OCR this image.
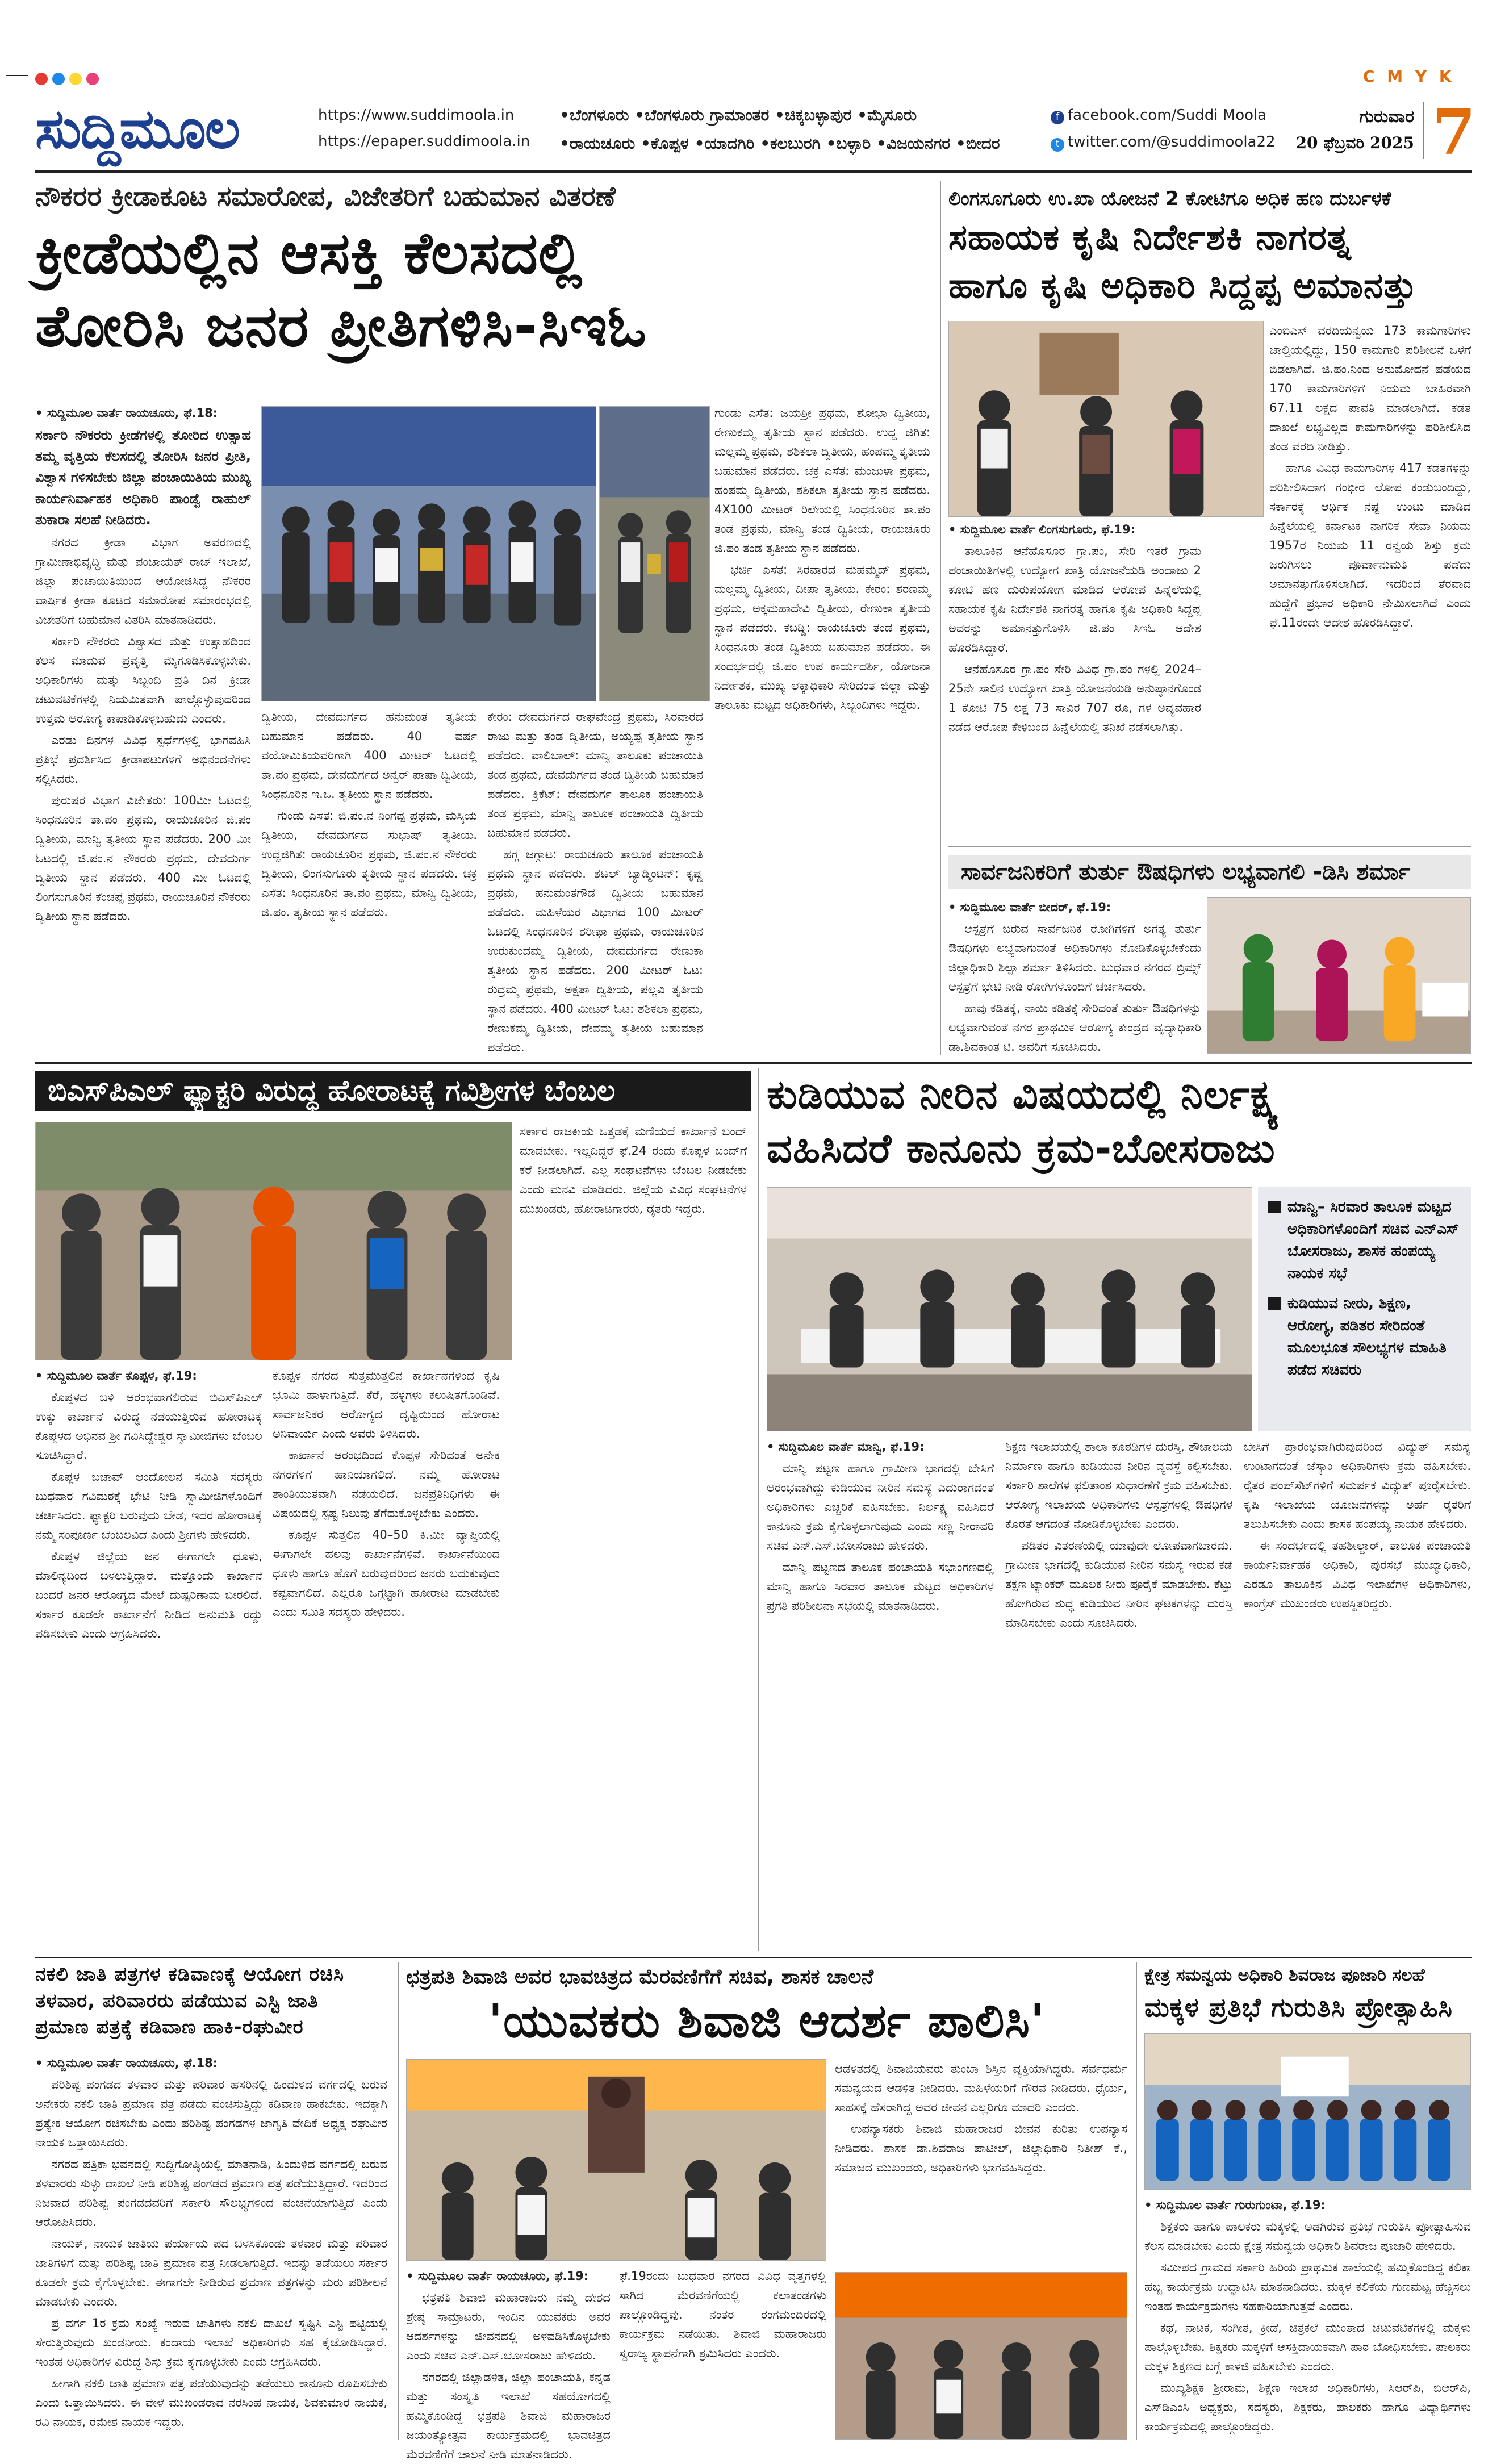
C M Y K
ಸುದ್ದಿಮೂಲ	https://www.suddimoola.in
https://epaper.suddimoola.in
•ಬೆಂಗಳೂರು •ಬೆಂಗಳೂರು ಗ್ರಾಮಾಂತರ •ಚಿಕ್ಕಬಳ್ಳಾಪುರ •ಮೈಸೂರು
•ರಾಯಚೂರು •ಕೊಪ್ಪಳ •ಯಾದಗಿರಿ •ಕಲಬುರಗಿ •ಬಳ್ಳಾರಿ •ವಿಜಯನಗರ •ಬೀದರ
f facebook.com/Suddi Moola
t twitter.com/@suddimoola22
ಗುರುವಾರ
20 ಫೆಬ್ರವರಿ 2025 7
ನೌಕರರ ಕ್ರೀಡಾಕೂಟ ಸಮಾರೋಪ, ವಿಜೇತರಿಗೆ ಬಹುಮಾನ ವಿತರಣೆ
ಕ್ರೀಡೆಯಲ್ಲಿನ ಆಸಕ್ತಿ ಕೆಲಸದಲ್ಲಿ
ತೋರಿಸಿ ಜನರ ಪ್ರೀತಿಗಳಿಸಿ-ಸಿಇಓ

• ಸುದ್ದಿಮೂಲ ವಾರ್ತೆ ರಾಯಚೂರು, ಫೆ.18:

ಸರ್ಕಾರಿ ನೌಕರರು ಕ್ರೀಡೆಗಳಲ್ಲಿ ತೋರಿದ ಉತ್ಸಾಹ ತಮ್ಮ ವೃತ್ತಿಯ ಕೆಲಸದಲ್ಲಿ ತೋರಿಸಿ ಜನರ ಪ್ರೀತಿ, ವಿಶ್ವಾಸ ಗಳಿಸಬೇಕು ಜಿಲ್ಲಾ ಪಂಚಾಯಿತಿಯ ಮುಖ್ಯ ಕಾರ್ಯನಿರ್ವಾಹಕ ಅಧಿಕಾರಿ ಪಾಂಡ್ವೆ ರಾಹುಲ್ ತುಕಾರಾ ಸಲಹೆ ನೀಡಿದರು.

ನಗರದ ಕ್ರೀಡಾ ವಿಭಾಗ ಅವರಣದಲ್ಲಿ ಗ್ರಾಮೀಣಾಭಿವೃದ್ಧಿ ಮತ್ತು ಪಂಚಾಯತ್ ರಾಜ್ ಇಲಾಖೆ, ಜಿಲ್ಲಾ ಪಂಚಾಯಿತಿಯಿಂದ ಆಯೋಜಿಸಿದ್ದ ನೌಕರರ ವಾರ್ಷಿಕ ಕ್ರೀಡಾ ಕೂಟದ ಸಮಾರೋಪ ಸಮಾರಂಭದಲ್ಲಿ ವಿಜೇತರಿಗೆ ಬಹುಮಾನ ವಿತರಿಸಿ ಮಾತನಾಡಿದರು.

ಸರ್ಕಾರಿ ನೌಕರರು ವಿಶ್ವಾಸದ ಮತ್ತು ಉತ್ಸಾಹದಿಂದ ಕೆಲಸ ಮಾಡುವ ಪ್ರವೃತ್ತಿ ಮೈಗೂಡಿಸಿಕೊಳ್ಳಬೇಕು. ಅಧಿಕಾರಿಗಳು ಮತ್ತು ಸಿಬ್ಬಂದಿ ಪ್ರತಿ ದಿನ ಕ್ರೀಡಾ ಚಟುವಟಿಕೆಗಳಲ್ಲಿ ನಿಯಮಿತವಾಗಿ ಪಾಲ್ಗೊಳ್ಳುವುದರಿಂದ ಉತ್ತಮ ಆರೋಗ್ಯ ಕಾಪಾಡಿಕೊಳ್ಳಬಹುದು ಎಂದರು.

ಎರಡು ದಿನಗಳ ವಿವಿಧ ಸ್ಪರ್ಧೆಗಳಲ್ಲಿ ಭಾಗವಹಿಸಿ ಪ್ರತಿಭೆ ಪ್ರದರ್ಶಿಸಿದ ಕ್ರೀಡಾಪಟುಗಳಿಗೆ ಅಭಿನಂದನೆಗಳು ಸಲ್ಲಿಸಿದರು.

ಪುರುಷರ ವಿಭಾಗ ವಿಜೇತರು: 100ಮೀ ಓಟದಲ್ಲಿ ಸಿಂಧನೂರಿನ ತಾ.ಪಂ ಪ್ರಥಮ, ರಾಯಚೂರಿನ ಜಿ.ಪಂ ದ್ವಿತೀಯ, ಮಾನ್ವಿ ತೃತೀಯ ಸ್ಥಾನ ಪಡೆದರು. 200 ಮೀ ಓಟದಲ್ಲಿ ಜಿ.ಪಂ.ನ ನೌಕರರು ಪ್ರಥಮ, ದೇವದುರ್ಗ ದ್ವಿತೀಯ ಸ್ಥಾನ ಪಡೆದರು. 400 ಮೀ ಓಟದಲ್ಲಿ ಲಿಂಗಸುಗೂರಿನ ಕೆಂಚಪ್ಪ ಪ್ರಥಮ, ರಾಯಚೂರಿನ ನೌಕರರು ದ್ವಿತೀಯ ಸ್ಥಾನ ಪಡೆದರು.

ದ್ವಿತೀಯ, ದೇವದುರ್ಗದ ಹನುಮಂತ ತೃತೀಯ ಬಹುಮಾನ ಪಡೆದರು. 40 ವರ್ಷ ವಯೋಮಿತಿಯವರಿಗಾಗಿ 400 ಮೀಟರ್ ಓಟದಲ್ಲಿ ತಾ.ಪಂ ಪ್ರಥಮ, ದೇವದುರ್ಗದ ಅನ್ವರ್‌ ಪಾಷಾ ದ್ವಿತೀಯ, ಸಿಂಧನೂರಿನ ಇ.ಒ. ತೃತೀಯ ಸ್ಥಾನ ಪಡೆದರು.

ಗುಂಡು ಎಸೆತ: ಜಿ.ಪಂ.ನ ನಿಂಗಪ್ಪ ಪ್ರಥಮ, ಮಸ್ಕಿಯ ದ್ವಿತೀಯ, ದೇವದುರ್ಗದ ಸುಭಾಷ್ ತೃತೀಯ. ಉದ್ದಜಿಗಿತ: ರಾಯಚೂರಿನ ಪ್ರಥಮ, ಜಿ.ಪಂ.ನ ನೌಕರರು ದ್ವಿತೀಯ, ಲಿಂಗಸುಗೂರು ತೃತೀಯ ಸ್ಥಾನ ಪಡೆದರು. ಚಕ್ರ ಎಸೆತ: ಸಿಂಧನೂರಿನ ತಾ.ಪಂ ಪ್ರಥಮ, ಮಾನ್ವಿ ದ್ವಿತೀಯ, ಜಿ.ಪಂ. ತೃತೀಯ ಸ್ಥಾನ ಪಡೆದರು.

ಕೇರಂ: ದೇವದುರ್ಗದ ರಾಘವೇಂದ್ರ ಪ್ರಥಮ, ಸಿರವಾರದ ರಾಜು ಮತ್ತು ತಂಡ ದ್ವಿತೀಯ, ಅಯ್ಯಪ್ಪ ತೃತೀಯ ಸ್ಥಾನ ಪಡೆದರು. ವಾಲಿಬಾಲ್: ಮಾನ್ವಿ ತಾಲೂಕು ಪಂಚಾಯಿತಿ ತಂಡ ಪ್ರಥಮ, ದೇವದುರ್ಗದ ತಂಡ ದ್ವಿತೀಯ ಬಹುಮಾನ ಪಡೆದರು. ಕ್ರಿಕೆಟ್: ದೇವದುರ್ಗ ತಾಲೂಕ ಪಂಚಾಯತಿ ತಂಡ ಪ್ರಥಮ, ಮಾನ್ವಿ ತಾಲೂಕ ಪಂಚಾಯತಿ ದ್ವಿತೀಯ ಬಹುಮಾನ ಪಡೆದರು.

ಹಗ್ಗ ಜಗ್ಗಾಟ: ರಾಯಚೂರು ತಾಲೂಕ ಪಂಚಾಯತಿ ಪ್ರಥಮ ಸ್ಥಾನ ಪಡೆದರು. ಶಟಲ್ ಬ್ಯಾಡ್ಮಿಂಟನ್: ಕೃಷ್ಣ ಪ್ರಥಮ, ಹನುಮಂತಗೌಡ ದ್ವಿತೀಯ ಬಹುಮಾನ ಪಡೆದರು. ಮಹಿಳೆಯರ ವಿಭಾಗದ 100 ಮೀಟರ್ ಓಟದಲ್ಲಿ ಸಿಂಧನೂರಿನ ಶರೀಫಾ ಪ್ರಥಮ, ರಾಯಚೂರಿನ ಉರುಕುಂದಮ್ಮ ದ್ವಿತೀಯ, ದೇವದುರ್ಗದ ರೇಣುಕಾ ತೃತೀಯ ಸ್ಥಾನ ಪಡೆದರು. 200 ಮೀಟರ್ ಓಟ: ರುದ್ರಮ್ಮ ಪ್ರಥಮ, ಅಕ್ಷತಾ ದ್ವಿತೀಯ, ಪಲ್ಲವಿ ತೃತೀಯ ಸ್ಥಾನ ಪಡೆದರು. 400 ಮೀಟರ್ ಓಟ: ಶಶಿಕಲಾ ಪ್ರಥಮ, ರೇಣುಕಮ್ಮ ದ್ವಿತೀಯ, ದೇವಮ್ಮ ತೃತೀಯ ಬಹುಮಾನ ಪಡೆದರು.

ಗುಂಡು ಎಸೆತ: ಜಯಶ್ರೀ ಪ್ರಥಮ, ಶೋಭಾ ದ್ವಿತೀಯ, ರೇಣುಕಮ್ಮ ತೃತೀಯ ಸ್ಥಾನ ಪಡೆದರು. ಉದ್ದ ಜಿಗಿತ: ಮಲ್ಲಮ್ಮ ಪ್ರಥಮ, ಶಶಿಕಲಾ ದ್ವಿತೀಯ, ಹಂಪಮ್ಮ ತೃತೀಯ ಬಹುಮಾನ ಪಡೆದರು. ಚಕ್ರ ಎಸೆತ: ಮಂಜುಳಾ ಪ್ರಥಮ, ಹಂಪಮ್ಮ ದ್ವಿತೀಯ, ಶಶಿಕಲಾ ತೃತೀಯ ಸ್ಥಾನ ಪಡೆದರು. 4X100 ಮೀಟರ್ ರಿಲೇಯಲ್ಲಿ ಸಿಂಧನೂರಿನ ತಾ.ಪಂ ತಂಡ ಪ್ರಥಮ, ಮಾನ್ವಿ ತಂಡ ದ್ವಿತೀಯ, ರಾಯಚೂರು ಜಿ.ಪಂ ತಂಡ ತೃತೀಯ ಸ್ಥಾನ ಪಡೆದರು.

ಭರ್ಚಿ ಎಸೆತ: ಸಿರವಾರದ ಮಹಮ್ಮದ್ ಪ್ರಥಮ, ಮಲ್ಲಮ್ಮ ದ್ವಿತೀಯ, ದೀಪಾ ತೃತೀಯ. ಕೇರಂ: ಶರಣಮ್ಮ ಪ್ರಥಮ, ಅಕ್ಕಮಹಾದೇವಿ ದ್ವಿತೀಯ, ರೇಣುಕಾ ತೃತೀಯ ಸ್ಥಾನ ಪಡೆದರು. ಕಬಡ್ಡಿ: ರಾಯಚೂರು ತಂಡ ಪ್ರಥಮ, ಸಿಂಧನೂರು ತಂಡ ದ್ವಿತೀಯ ಬಹುಮಾನ ಪಡೆದರು. ಈ ಸಂದರ್ಭದಲ್ಲಿ ಜಿ.ಪಂ ಉಪ ಕಾರ್ಯದರ್ಶಿ, ಯೋಜನಾ ನಿರ್ದೇಶಕ, ಮುಖ್ಯ ಲೆಕ್ಕಾಧಿಕಾರಿ ಸೇರಿದಂತೆ ಜಿಲ್ಲಾ ಮತ್ತು ತಾಲೂಕು ಮಟ್ಟದ ಅಧಿಕಾರಿಗಳು, ಸಿಬ್ಬಂದಿಗಳು ಇದ್ದರು.

ಲಿಂಗಸೂಗೂರು ಉ.ಖಾ ಯೋಜನೆ 2 ಕೋಟಿಗೂ ಅಧಿಕ ಹಣ ದುರ್ಬಳಕೆ
ಸಹಾಯಕ ಕೃಷಿ ನಿರ್ದೇಶಕಿ ನಾಗರತ್ನ
ಹಾಗೂ ಕೃಷಿ ಅಧಿಕಾರಿ ಸಿದ್ದಪ್ಪ ಅಮಾನತ್ತು

• ಸುದ್ದಿಮೂಲ ವಾರ್ತೆ ಲಿಂಗಸುಗೂರು, ಫೆ.19:

ತಾಲೂಕಿನ ಆನೆಹೊಸೂರ ಗ್ರಾ.ಪಂ, ಸೇರಿ ಇತರೆ ಗ್ರಾಮ ಪಂಚಾಯಿತಿಗಳಲ್ಲಿ ಉದ್ಯೋಗ ಖಾತ್ರಿ ಯೋಜನೆಯಡಿ ಅಂದಾಜು 2 ಕೋಟಿ ಹಣ ದುರುಪಯೋಗ ಮಾಡಿದ ಆರೋಪ ಹಿನ್ನೆಲೆಯಲ್ಲಿ ಸಹಾಯಕ ಕೃಷಿ ನಿರ್ದೇಶಕಿ ನಾಗರತ್ನ ಹಾಗೂ ಕೃಷಿ ಅಧಿಕಾರಿ ಸಿದ್ದಪ್ಪ ಅವರನ್ನು ಅಮಾನತ್ತುಗೊಳಿಸಿ ಜಿ.ಪಂ ಸಿಇಓ ಆದೇಶ ಹೊರಡಿಸಿದ್ದಾರೆ.

ಆನೆಹೊಸೂರ ಗ್ರಾ.ಪಂ ಸೇರಿ ವಿವಿಧ ಗ್ರಾ.ಪಂ ಗಳಲ್ಲಿ 2024–25ನೇ ಸಾಲಿನ ಉದ್ಯೋಗ ಖಾತ್ರಿ ಯೋಜನೆಯಡಿ ಅನುಷ್ಠಾನಗೊಂಡ 1 ಕೋಟಿ 75 ಲಕ್ಷ 73 ಸಾವಿರ 707 ರೂ, ಗಳ ಅವ್ಯವಹಾರ ನಡೆದ ಆರೋಪ ಕೇಳಿಬಂದ ಹಿನ್ನೆಲೆಯಲ್ಲಿ ತನಿಖೆ ನಡೆಸಲಾಗಿತ್ತು.

ಎಂಐಎಸ್ ವರದಿಯನ್ವಯ 173 ಕಾಮಗಾರಿಗಳು ಚಾಲ್ತಿಯಲ್ಲಿದ್ದು, 150 ಕಾಮಗಾರಿ ಪರಿಶೀಲನೆ ಒಳಗೆ ಬಿಡಲಾಗಿದೆ. ಜಿ.ಪಂ.ನಿಂದ ಅನುಮೋದನೆ ಪಡೆಯದ 170 ಕಾಮಗಾರಿಗಳಿಗೆ ನಿಯಮ ಬಾಹಿರವಾಗಿ 67.11 ಲಕ್ಷದ ಪಾವತಿ ಮಾಡಲಾಗಿದೆ. ಕಡತ ದಾಖಲೆ ಲಭ್ಯವಿಲ್ಲದ ಕಾಮಗಾರಿಗಳನ್ನು ಪರಿಶೀಲಿಸಿದ ತಂಡ ವರದಿ ನೀಡಿತ್ತು.

ಹಾಗೂ ವಿವಿಧ ಕಾಮಗಾರಿಗಳ 417 ಕಡತಗಳನ್ನು ಪರಿಶೀಲಿಸಿದಾಗ ಗಂಭೀರ ಲೋಪ ಕಂಡುಬಂದಿದ್ದು, ಸರ್ಕಾರಕ್ಕೆ ಆರ್ಥಿಕ ನಷ್ಟ ಉಂಟು ಮಾಡಿದ ಹಿನ್ನೆಲೆಯಲ್ಲಿ ಕರ್ನಾಟಕ ನಾಗರಿಕ ಸೇವಾ ನಿಯಮ 1957ರ ನಿಯಮ 11 ರನ್ವಯ ಶಿಸ್ತು ಕ್ರಮ ಜರುಗಿಸಲು ಪೂರ್ವಾನುಮತಿ ಪಡೆದು ಅಮಾನತ್ತುಗೊಳಿಸಲಾಗಿದೆ. ಇದರಿಂದ ತೆರವಾದ ಹುದ್ದೆಗೆ ಪ್ರಭಾರ ಅಧಿಕಾರಿ ನೇಮಿಸಲಾಗಿದೆ ಎಂದು ಫೆ.11ರಂದೇ ಆದೇಶ ಹೊರಡಿಸಿದ್ದಾರೆ.

ಸಾರ್ವಜನಿಕರಿಗೆ ತುರ್ತು ಔಷಧಿಗಳು ಲಭ್ಯವಾಗಲಿ -ಡಿಸಿ ಶರ್ಮಾ

• ಸುದ್ದಿಮೂಲ ವಾರ್ತೆ ಬೀದರ್, ಫೆ.19:

ಆಸ್ಪತ್ರೆಗೆ ಬರುವ ಸಾರ್ವಜನಿಕ ರೋಗಿಗಳಿಗೆ ಅಗತ್ಯ ತುರ್ತು ಔಷಧಿಗಳು ಲಭ್ಯವಾಗುವಂತೆ ಅಧಿಕಾರಿಗಳು ನೋಡಿಕೊಳ್ಳಬೇಕೆಂದು ಜಿಲ್ಲಾಧಿಕಾರಿ ಶಿಲ್ಪಾ ಶರ್ಮಾ ತಿಳಿಸಿದರು. ಬುಧವಾರ ನಗರದ ಬ್ರಿಮ್ಸ್ ಆಸ್ಪತ್ರೆಗೆ ಭೇಟಿ ನೀಡಿ ರೋಗಿಗಳೊಂದಿಗೆ ಚರ್ಚಿಸಿದರು.

ಹಾವು ಕಡಿತಕ್ಕೆ, ನಾಯಿ ಕಡಿತಕ್ಕೆ ಸೇರಿದಂತೆ ತುರ್ತು ಔಷಧಿಗಳನ್ನು ಲಭ್ಯವಾಗುವಂತೆ ನಗರ ಪ್ರಾಥಮಿಕ ಆರೋಗ್ಯ ಕೇಂದ್ರದ ವೈದ್ಯಾಧಿಕಾರಿ ಡಾ.ಶಿವಕಾಂತ ಟಿ. ಅವರಿಗೆ ಸೂಚಿಸಿದರು.

ಬಿಎಸ್‌ಪಿಎಲ್ ಫ್ಯಾಕ್ಟರಿ ವಿರುದ್ಧ ಹೋರಾಟಕ್ಕೆ ಗವಿಶ್ರೀಗಳ ಬೆಂಬಲ

• ಸುದ್ದಿಮೂಲ ವಾರ್ತೆ ಕೊಪ್ಪಳ, ಫೆ.19:

ಕೊಪ್ಪಳದ ಬಳಿ ಆರಂಭವಾಗಲಿರುವ ಬಿಎಸ್‌ಪಿಎಲ್ ಉಕ್ಕು ಕಾರ್ಖಾನೆ ವಿರುದ್ಧ ನಡೆಯುತ್ತಿರುವ ಹೋರಾಟಕ್ಕೆ ಕೊಪ್ಪಳದ ಅಭಿನವ ಶ್ರೀ ಗವಿಸಿದ್ದೇಶ್ವರ ಸ್ವಾಮೀಜಿಗಳು ಬೆಂಬಲ ಸೂಚಿಸಿದ್ದಾರೆ.

ಕೊಪ್ಪಳ ಬಚಾವ್ ಆಂದೋಲನ ಸಮಿತಿ ಸದಸ್ಯರು ಬುಧವಾರ ಗವಿಮಠಕ್ಕೆ ಭೇಟಿ ನೀಡಿ ಸ್ವಾಮೀಜಿಗಳೊಂದಿಗೆ ಚರ್ಚಿಸಿದರು. ಫ್ಯಾಕ್ಟರಿ ಬರುವುದು ಬೇಡ, ಇದರ ಹೋರಾಟಕ್ಕೆ ನಮ್ಮ ಸಂಪೂರ್ಣ ಬೆಂಬಲವಿದೆ ಎಂದು ಶ್ರೀಗಳು ಹೇಳಿದರು.

ಕೊಪ್ಪಳ ಜಿಲ್ಲೆಯ ಜನ ಈಗಾಗಲೇ ಧೂಳು, ಮಾಲಿನ್ಯದಿಂದ ಬಳಲುತ್ತಿದ್ದಾರೆ. ಮತ್ತೊಂದು ಕಾರ್ಖಾನೆ ಬಂದರೆ ಜನರ ಆರೋಗ್ಯದ ಮೇಲೆ ದುಷ್ಪರಿಣಾಮ ಬೀರಲಿದೆ. ಸರ್ಕಾರ ಕೂಡಲೇ ಕಾರ್ಖಾನೆಗೆ ನೀಡಿದ ಅನುಮತಿ ರದ್ದು ಪಡಿಸಬೇಕು ಎಂದು ಆಗ್ರಹಿಸಿದರು.

ಕೊಪ್ಪಳ ನಗರದ ಸುತ್ತಮುತ್ತಲಿನ ಕಾರ್ಖಾನೆಗಳಿಂದ ಕೃಷಿ ಭೂಮಿ ಹಾಳಾಗುತ್ತಿದೆ. ಕೆರೆ, ಹಳ್ಳಗಳು ಕಲುಷಿತಗೊಂಡಿವೆ. ಸಾರ್ವಜನಿಕರ ಆರೋಗ್ಯದ ದೃಷ್ಟಿಯಿಂದ ಹೋರಾಟ ಅನಿವಾರ್ಯ ಎಂದು ಅವರು ತಿಳಿಸಿದರು.

ಕಾರ್ಖಾನೆ ಆರಂಭದಿಂದ ಕೊಪ್ಪಳ ಸೇರಿದಂತೆ ಅನೇಕ ನಗರಗಳಿಗೆ ಹಾನಿಯಾಗಲಿದೆ. ನಮ್ಮ ಹೋರಾಟ ಶಾಂತಿಯುತವಾಗಿ ನಡೆಯಲಿದೆ. ಜನಪ್ರತಿನಿಧಿಗಳು ಈ ವಿಷಯದಲ್ಲಿ ಸ್ಪಷ್ಟ ನಿಲುವು ತೆಗೆದುಕೊಳ್ಳಬೇಕು ಎಂದರು.

ಕೊಪ್ಪಳ ಸುತ್ತಲಿನ 40–50 ಕಿ.ಮೀ ವ್ಯಾಪ್ತಿಯಲ್ಲಿ ಈಗಾಗಲೇ ಹಲವು ಕಾರ್ಖಾನೆಗಳಿವೆ. ಕಾರ್ಖಾನೆಯಿಂದ ಧೂಳು ಹಾಗೂ ಹೊಗೆ ಬರುವುದರಿಂದ ಜನರು ಬದುಕುವುದು ಕಷ್ಟವಾಗಲಿದೆ. ಎಲ್ಲರೂ ಒಗ್ಗಟ್ಟಾಗಿ ಹೋರಾಟ ಮಾಡಬೇಕು ಎಂದು ಸಮಿತಿ ಸದಸ್ಯರು ಹೇಳಿದರು.

ಸರ್ಕಾರ ರಾಜಕೀಯ ಒತ್ತಡಕ್ಕೆ ಮಣಿಯದೆ ಕಾರ್ಖಾನೆ ಬಂದ್ ಮಾಡಬೇಕು. ಇಲ್ಲದಿದ್ದರೆ ಫೆ.24 ರಂದು ಕೊಪ್ಪಳ ಬಂದ್‌ಗೆ ಕರೆ ನೀಡಲಾಗಿದೆ. ಎಲ್ಲ ಸಂಘಟನೆಗಳು ಬೆಂಬಲ ನೀಡಬೇಕು ಎಂದು ಮನವಿ ಮಾಡಿದರು. ಜಿಲ್ಲೆಯ ವಿವಿಧ ಸಂಘಟನೆಗಳ ಮುಖಂಡರು, ಹೋರಾಟಗಾರರು, ರೈತರು ಇದ್ದರು.

ಕುಡಿಯುವ ನೀರಿನ ವಿಷಯದಲ್ಲಿ ನಿರ್ಲಕ್ಷ್ಯ
ವಹಿಸಿದರೆ ಕಾನೂನು ಕ್ರಮ-ಬೋಸರಾಜು
ಮಾನ್ವಿ– ಸಿರವಾರ ತಾಲೂಕ ಮಟ್ಟದ ಅಧಿಕಾರಿಗಳೊಂದಿಗೆ ಸಚಿವ ಎನ್‌ಎಸ್ ಬೋಸರಾಜು, ಶಾಸಕ ಹಂಪಯ್ಯ ನಾಯಕ ಸಭೆ
ಕುಡಿಯುವ ನೀರು, ಶಿಕ್ಷಣ, ಆರೋಗ್ಯ, ಪಡಿತರ ಸೇರಿದಂತೆ ಮೂಲಭೂತ ಸೌಲಭ್ಯಗಳ ಮಾಹಿತಿ ಪಡೆದ ಸಚಿವರು

• ಸುದ್ದಿಮೂಲ ವಾರ್ತೆ ಮಾನ್ವಿ, ಫೆ.19:

ಮಾನ್ವಿ ಪಟ್ಟಣ ಹಾಗೂ ಗ್ರಾಮೀಣ ಭಾಗದಲ್ಲಿ ಬೇಸಿಗೆ ಆರಂಭವಾಗಿದ್ದು ಕುಡಿಯುವ ನೀರಿನ ಸಮಸ್ಯೆ ಎದುರಾಗದಂತೆ ಅಧಿಕಾರಿಗಳು ಎಚ್ಚರಿಕೆ ವಹಿಸಬೇಕು. ನಿರ್ಲಕ್ಷ್ಯ ವಹಿಸಿದರೆ ಕಾನೂನು ಕ್ರಮ ಕೈಗೊಳ್ಳಲಾಗುವುದು ಎಂದು ಸಣ್ಣ ನೀರಾವರಿ ಸಚಿವ ಎನ್.ಎಸ್.ಬೋಸರಾಜು ಹೇಳಿದರು.

ಮಾನ್ವಿ ಪಟ್ಟಣದ ತಾಲೂಕ ಪಂಚಾಯತಿ ಸಭಾಂಗಣದಲ್ಲಿ ಮಾನ್ವಿ ಹಾಗೂ ಸಿರವಾರ ತಾಲೂಕ ಮಟ್ಟದ ಅಧಿಕಾರಿಗಳ ಪ್ರಗತಿ ಪರಿಶೀಲನಾ ಸಭೆಯಲ್ಲಿ ಮಾತನಾಡಿದರು.

ಶಿಕ್ಷಣ ಇಲಾಖೆಯಲ್ಲಿ ಶಾಲಾ ಕೊಠಡಿಗಳ ದುರಸ್ತಿ, ಶೌಚಾಲಯ ನಿರ್ಮಾಣ ಹಾಗೂ ಕುಡಿಯುವ ನೀರಿನ ವ್ಯವಸ್ಥೆ ಕಲ್ಪಿಸಬೇಕು. ಸರ್ಕಾರಿ ಶಾಲೆಗಳ ಫಲಿತಾಂಶ ಸುಧಾರಣೆಗೆ ಕ್ರಮ ವಹಿಸಬೇಕು. ಆರೋಗ್ಯ ಇಲಾಖೆಯ ಅಧಿಕಾರಿಗಳು ಆಸ್ಪತ್ರೆಗಳಲ್ಲಿ ಔಷಧಿಗಳ ಕೊರತೆ ಆಗದಂತೆ ನೋಡಿಕೊಳ್ಳಬೇಕು ಎಂದರು.

ಪಡಿತರ ವಿತರಣೆಯಲ್ಲಿ ಯಾವುದೇ ಲೋಪವಾಗಬಾರದು. ಗ್ರಾಮೀಣ ಭಾಗದಲ್ಲಿ ಕುಡಿಯುವ ನೀರಿನ ಸಮಸ್ಯೆ ಇರುವ ಕಡೆ ತಕ್ಷಣ ಟ್ಯಾಂಕರ್ ಮೂಲಕ ನೀರು ಪೂರೈಕೆ ಮಾಡಬೇಕು. ಕೆಟ್ಟು ಹೋಗಿರುವ ಶುದ್ಧ ಕುಡಿಯುವ ನೀರಿನ ಘಟಕಗಳನ್ನು ದುರಸ್ತಿ ಮಾಡಿಸಬೇಕು ಎಂದು ಸೂಚಿಸಿದರು.

ಬೇಸಿಗೆ ಪ್ರಾರಂಭವಾಗಿರುವುದರಿಂದ ವಿದ್ಯುತ್ ಸಮಸ್ಯೆ ಉಂಟಾಗದಂತೆ ಜೆಸ್ಕಾಂ ಅಧಿಕಾರಿಗಳು ಕ್ರಮ ವಹಿಸಬೇಕು. ರೈತರ ಪಂಪ್‌ಸೆಟ್‌ಗಳಿಗೆ ಸಮರ್ಪಕ ವಿದ್ಯುತ್ ಪೂರೈಸಬೇಕು. ಕೃಷಿ ಇಲಾಖೆಯ ಯೋಜನೆಗಳನ್ನು ಅರ್ಹ ರೈತರಿಗೆ ತಲುಪಿಸಬೇಕು ಎಂದು ಶಾಸಕ ಹಂಪಯ್ಯ ನಾಯಕ ಹೇಳಿದರು.

ಈ ಸಂದರ್ಭದಲ್ಲಿ ತಹಶೀಲ್ದಾರ್, ತಾಲೂಕ ಪಂಚಾಯತಿ ಕಾರ್ಯನಿರ್ವಾಹಕ ಅಧಿಕಾರಿ, ಪುರಸಭೆ ಮುಖ್ಯಾಧಿಕಾರಿ, ಎರಡೂ ತಾಲೂಕಿನ ವಿವಿಧ ಇಲಾಖೆಗಳ ಅಧಿಕಾರಿಗಳು, ಕಾಂಗ್ರೆಸ್ ಮುಖಂಡರು ಉಪಸ್ಥಿತರಿದ್ದರು.

ನಕಲಿ ಜಾತಿ ಪತ್ರಗಳ ಕಡಿವಾಣಕ್ಕೆ ಆಯೋಗ ರಚಿಸಿ
ತಳವಾರ, ಪರಿವಾರರು ಪಡೆಯುವ ಎಸ್ಟಿ ಜಾತಿ
ಪ್ರಮಾಣ ಪತ್ರಕ್ಕೆ ಕಡಿವಾಣ ಹಾಕಿ-ರಘುವೀರ

• ಸುದ್ದಿಮೂಲ ವಾರ್ತೆ ರಾಯಚೂರು, ಫೆ.18:

ಪರಿಶಿಷ್ಟ ಪಂಗಡದ ತಳವಾರ ಮತ್ತು ಪರಿವಾರ ಹೆಸರಿನಲ್ಲಿ ಹಿಂದುಳಿದ ವರ್ಗದಲ್ಲಿ ಬರುವ ಅನೇಕರು ನಕಲಿ ಜಾತಿ ಪ್ರಮಾಣ ಪತ್ರ ಪಡೆದು ವಂಚಿಸುತ್ತಿದ್ದು ಕಡಿವಾಣ ಹಾಕಬೇಕು. ಇದಕ್ಕಾಗಿ ಪ್ರತ್ಯೇಕ ಆಯೋಗ ರಚಿಸಬೇಕು ಎಂದು ಪರಿಶಿಷ್ಟ ಪಂಗಡಗಳ ಜಾಗೃತಿ ವೇದಿಕೆ ಅಧ್ಯಕ್ಷ ರಘುವೀರ ನಾಯಕ ಒತ್ತಾಯಿಸಿದರು.

ನಗರದ ಪತ್ರಿಕಾ ಭವನದಲ್ಲಿ ಸುದ್ದಿಗೋಷ್ಠಿಯಲ್ಲಿ ಮಾತನಾಡಿ, ಹಿಂದುಳಿದ ವರ್ಗದಲ್ಲಿ ಬರುವ ತಳವಾರರು ಸುಳ್ಳು ದಾಖಲೆ ನೀಡಿ ಪರಿಶಿಷ್ಟ ಪಂಗಡದ ಪ್ರಮಾಣ ಪತ್ರ ಪಡೆಯುತ್ತಿದ್ದಾರೆ. ಇದರಿಂದ ನಿಜವಾದ ಪರಿಶಿಷ್ಟ ಪಂಗಡದವರಿಗೆ ಸರ್ಕಾರಿ ಸೌಲಭ್ಯಗಳಿಂದ ವಂಚನೆಯಾಗುತ್ತಿದೆ ಎಂದು ಆರೋಪಿಸಿದರು.

ನಾಯಕ್, ನಾಯಕ ಜಾತಿಯ ಪರ್ಯಾಯ ಪದ ಬಳಸಿಕೊಂಡು ತಳವಾರ ಮತ್ತು ಪರಿವಾರ ಜಾತಿಗಳಿಗೆ ಮತ್ತು ಪರಿಶಿಷ್ಟ ಜಾತಿ ಪ್ರಮಾಣ ಪತ್ರ ನೀಡಲಾಗುತ್ತಿದೆ. ಇದನ್ನು ತಡೆಯಲು ಸರ್ಕಾರ ಕೂಡಲೇ ಕ್ರಮ ಕೈಗೊಳ್ಳಬೇಕು. ಈಗಾಗಲೇ ನೀಡಿರುವ ಪ್ರಮಾಣ ಪತ್ರಗಳನ್ನು ಮರು ಪರಿಶೀಲನೆ ಮಾಡಬೇಕು ಎಂದರು.

ಪ್ರ ವರ್ಗ 1ರ ಕ್ರಮ ಸಂಖ್ಯೆ ಇರುವ ಜಾತಿಗಳು ನಕಲಿ ದಾಖಲೆ ಸೃಷ್ಟಿಸಿ ಎಸ್ಟಿ ಪಟ್ಟಿಯಲ್ಲಿ ಸೇರುತ್ತಿರುವುದು ಖಂಡನೀಯ. ಕಂದಾಯ ಇಲಾಖೆ ಅಧಿಕಾರಿಗಳು ಸಹ ಕೈಜೋಡಿಸಿದ್ದಾರೆ. ಇಂತಹ ಅಧಿಕಾರಿಗಳ ವಿರುದ್ಧ ಶಿಸ್ತು ಕ್ರಮ ಕೈಗೊಳ್ಳಬೇಕು ಎಂದು ಆಗ್ರಹಿಸಿದರು.

ಹೀಗಾಗಿ ನಕಲಿ ಜಾತಿ ಪ್ರಮಾಣ ಪತ್ರ ಪಡೆಯುವುದನ್ನು ತಡೆಯಲು ಕಾನೂನು ರೂಪಿಸಬೇಕು ಎಂದು ಒತ್ತಾಯಿಸಿದರು. ಈ ವೇಳೆ ಮುಖಂಡರಾದ ನರಸಿಂಹ ನಾಯಕ, ಶಿವಕುಮಾರ ನಾಯಕ, ರವಿ ನಾಯಕ, ರಮೇಶ ನಾಯಕ ಇದ್ದರು.

ಛತ್ರಪತಿ ಶಿವಾಜಿ ಅವರ ಭಾವಚಿತ್ರದ ಮೆರವಣಿಗೆಗೆ ಸಚಿವ, ಶಾಸಕ ಚಾಲನೆ
'ಯುವಕರು ಶಿವಾಜಿ ಆದರ್ಶ ಪಾಲಿಸಿ'

• ಸುದ್ದಿಮೂಲ ವಾರ್ತೆ ರಾಯಚೂರು, ಫೆ.19:

ಛತ್ರಪತಿ ಶಿವಾಜಿ ಮಹಾರಾಜರು ನಮ್ಮ ದೇಶದ ಶ್ರೇಷ್ಠ ಸಾಮ್ರಾಟರು, ಇಂದಿನ ಯುವಕರು ಅವರ ಆದರ್ಶಗಳನ್ನು ಜೀವನದಲ್ಲಿ ಅಳವಡಿಸಿಕೊಳ್ಳಬೇಕು ಎಂದು ಸಚಿವ ಎನ್.ಎಸ್.ಬೋಸರಾಜು ಹೇಳಿದರು.

ನಗರದಲ್ಲಿ ಜಿಲ್ಲಾಡಳಿತ, ಜಿಲ್ಲಾ ಪಂಚಾಯತಿ, ಕನ್ನಡ ಮತ್ತು ಸಂಸ್ಕೃತಿ ಇಲಾಖೆ ಸಹಯೋಗದಲ್ಲಿ ಹಮ್ಮಿಕೊಂಡಿದ್ದ ಛತ್ರಪತಿ ಶಿವಾಜಿ ಮಹಾರಾಜರ ಜಯಂತ್ಯೋತ್ಸವ ಕಾರ್ಯಕ್ರಮದಲ್ಲಿ ಭಾವಚಿತ್ರದ ಮೆರವಣಿಗೆಗೆ ಚಾಲನೆ ನೀಡಿ ಮಾತನಾಡಿದರು.

ಫೆ.19ರಂದು ಬುಧವಾರ ನಗರದ ವಿವಿಧ ವೃತ್ತಗಳಲ್ಲಿ ಸಾಗಿದ ಮೆರವಣಿಗೆಯಲ್ಲಿ ಕಲಾತಂಡಗಳು ಪಾಲ್ಗೊಂಡಿದ್ದವು. ನಂತರ ರಂಗಮಂದಿರದಲ್ಲಿ ಕಾರ್ಯಕ್ರಮ ನಡೆಯಿತು. ಶಿವಾಜಿ ಮಹಾರಾಜರು ಸ್ವರಾಜ್ಯ ಸ್ಥಾಪನೆಗಾಗಿ ಶ್ರಮಿಸಿದರು ಎಂದರು.

ಆಡಳಿತದಲ್ಲಿ ಶಿವಾಜಿಯವರು ತುಂಬಾ ಶಿಸ್ತಿನ ವ್ಯಕ್ತಿಯಾಗಿದ್ದರು. ಸರ್ವಧರ್ಮ ಸಮನ್ವಯದ ಆಡಳಿತ ನೀಡಿದರು. ಮಹಿಳೆಯರಿಗೆ ಗೌರವ ನೀಡಿದರು. ಧೈರ್ಯ, ಸಾಹಸಕ್ಕೆ ಹೆಸರಾಗಿದ್ದ ಅವರ ಜೀವನ ಎಲ್ಲರಿಗೂ ಮಾದರಿ ಎಂದರು.

ಉಪನ್ಯಾಸಕರು ಶಿವಾಜಿ ಮಹಾರಾಜರ ಜೀವನ ಕುರಿತು ಉಪನ್ಯಾಸ ನೀಡಿದರು. ಶಾಸಕ ಡಾ.ಶಿವರಾಜ ಪಾಟೀಲ್, ಜಿಲ್ಲಾಧಿಕಾರಿ ನಿತೀಶ್ ಕೆ., ಸಮಾಜದ ಮುಖಂಡರು, ಅಧಿಕಾರಿಗಳು ಭಾಗವಹಿಸಿದ್ದರು.

ಕ್ಷೇತ್ರ ಸಮನ್ವಯ ಅಧಿಕಾರಿ ಶಿವರಾಜ ಪೂಜಾರಿ ಸಲಹೆ
ಮಕ್ಕಳ ಪ್ರತಿಭೆ ಗುರುತಿಸಿ ಪ್ರೋತ್ಸಾಹಿಸಿ

• ಸುದ್ದಿಮೂಲ ವಾರ್ತೆ ಗುರುಗುಂಟಾ, ಫೆ.19:

ಶಿಕ್ಷಕರು ಹಾಗೂ ಪಾಲಕರು ಮಕ್ಕಳಲ್ಲಿ ಅಡಗಿರುವ ಪ್ರತಿಭೆ ಗುರುತಿಸಿ ಪ್ರೋತ್ಸಾಹಿಸುವ ಕೆಲಸ ಮಾಡಬೇಕು ಎಂದು ಕ್ಷೇತ್ರ ಸಮನ್ವಯ ಅಧಿಕಾರಿ ಶಿವರಾಜ ಪೂಜಾರಿ ಹೇಳಿದರು.

ಸಮೀಪದ ಗ್ರಾಮದ ಸರ್ಕಾರಿ ಹಿರಿಯ ಪ್ರಾಥಮಿಕ ಶಾಲೆಯಲ್ಲಿ ಹಮ್ಮಿಕೊಂಡಿದ್ದ ಕಲಿಕಾ ಹಬ್ಬ ಕಾರ್ಯಕ್ರಮ ಉದ್ಘಾಟಿಸಿ ಮಾತನಾಡಿದರು. ಮಕ್ಕಳ ಕಲಿಕೆಯ ಗುಣಮಟ್ಟ ಹೆಚ್ಚಿಸಲು ಇಂತಹ ಕಾರ್ಯಕ್ರಮಗಳು ಸಹಕಾರಿಯಾಗುತ್ತವೆ ಎಂದರು.

ಕಥೆ, ನಾಟಕ, ಸಂಗೀತ, ಕ್ರೀಡೆ, ಚಿತ್ರಕಲೆ ಮುಂತಾದ ಚಟುವಟಿಕೆಗಳಲ್ಲಿ ಮಕ್ಕಳು ಪಾಲ್ಗೊಳ್ಳಬೇಕು. ಶಿಕ್ಷಕರು ಮಕ್ಕಳಿಗೆ ಆಸಕ್ತಿದಾಯಕವಾಗಿ ಪಾಠ ಬೋಧಿಸಬೇಕು. ಪಾಲಕರು ಮಕ್ಕಳ ಶಿಕ್ಷಣದ ಬಗ್ಗೆ ಕಾಳಜಿ ವಹಿಸಬೇಕು ಎಂದರು.

ಮುಖ್ಯಶಿಕ್ಷಕ ಶ್ರೀರಾಮ, ಶಿಕ್ಷಣ ಇಲಾಖೆ ಅಧಿಕಾರಿಗಳು, ಸಿಆರ್‌ಪಿ, ಬಿಆರ್‌ಪಿ, ಎಸ್‌ಡಿಎಂಸಿ ಅಧ್ಯಕ್ಷರು, ಸದಸ್ಯರು, ಶಿಕ್ಷಕರು, ಪಾಲಕರು ಹಾಗೂ ವಿದ್ಯಾರ್ಥಿಗಳು ಕಾರ್ಯಕ್ರಮದಲ್ಲಿ ಪಾಲ್ಗೊಂಡಿದ್ದರು.
